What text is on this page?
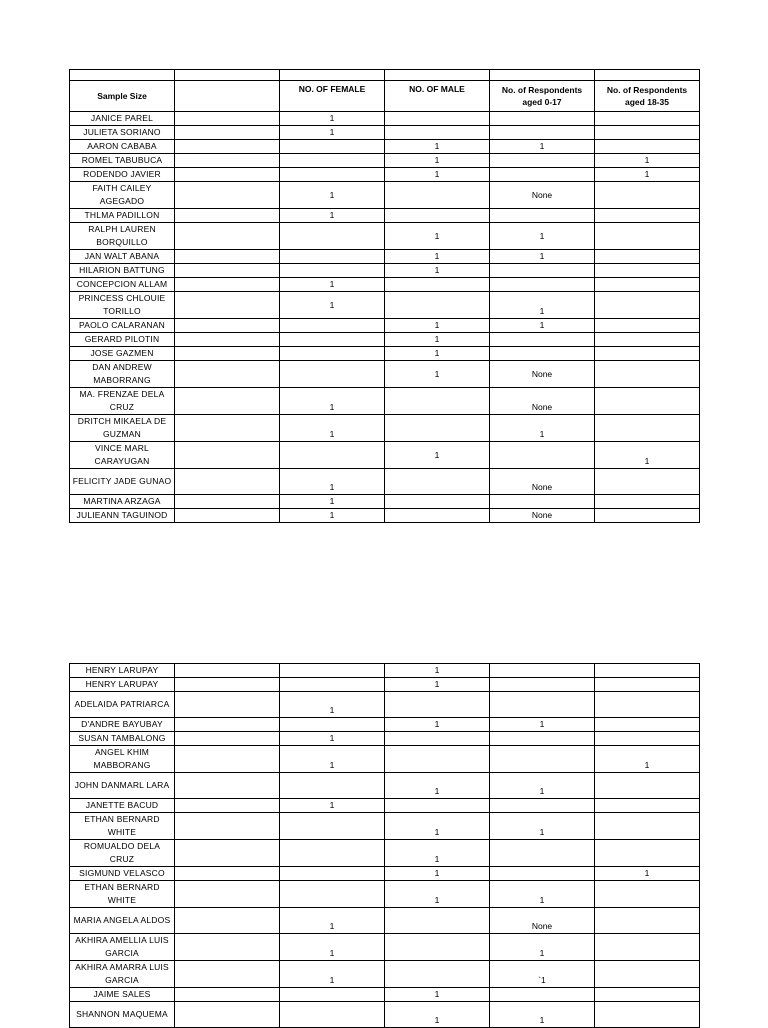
Sample Size		NO. OF FEMALE	NO. OF MALE	No. of Respondents aged 0-17	No. of Respondents aged 18-35
JANICE PAREL		1			
JULIETA SORIANO		1			
AARON CABABA			1	1	
ROMEL TABUBUCA			1		1
RODENDO JAVIER			1		1
FAITH CAILEY AGEGADO		1		None	
THLMA PADILLON		1			
RALPH LAUREN BORQUILLO			1	1	
JAN WALT ABANA			1	1	
HILARION BATTUNG			1		
CONCEPCION ALLAM		1			
PRINCESS CHLOUIE TORILLO		1		1	
PAOLO CALARANAN			1	1	
GERARD PILOTIN			1		
JOSE GAZMEN			1		
DAN ANDREW MABORRANG			1	None	
MA. FRENZAE DELA CRUZ		1		None	
DRITCH MIKAELA DE GUZMAN		1		1	
VINCE MARL CARAYUGAN			1		1
FELICITY JADE GUNAO		1		None	
MARTINA ARZAGA		1			
JULIEANN TAGUINOD		1		None	
HENRY LARUPAY			1		
HENRY LARUPAY			1		
ADELAIDA PATRIARCA		1			
D'ANDRE BAYUBAY			1	1	
SUSAN TAMBALONG		1			
ANGEL KHIM MABBORANG		1			1
JOHN DANMARL LARA			1	1	
JANETTE BACUD		1			
ETHAN BERNARD WHITE			1	1	
ROMUALDO DELA CRUZ			1		
SIGMUND VELASCO			1		1
ETHAN BERNARD WHITE			1	1	
MARIA ANGELA ALDOS		1		None	
AKHIRA AMELLIA LUIS GARCIA		1		1	
AKHIRA AMARRA LUIS GARCIA		1		`1	
JAIME SALES			1		
SHANNON MAQUEMA			1	1	
